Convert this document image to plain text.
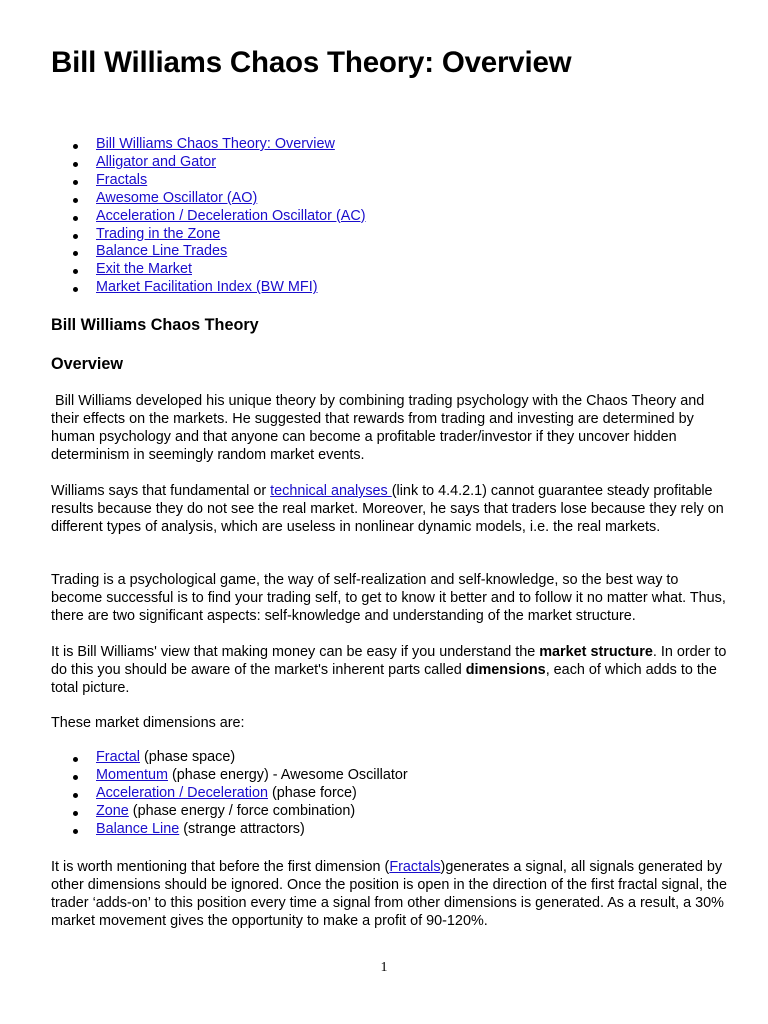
Bill Williams Chaos Theory: Overview
Bill Williams Chaos Theory: Overview
Alligator and Gator
Fractals
Awesome Oscillator (AO)
Acceleration / Deceleration Oscillator (AC)
Trading in the Zone
Balance Line Trades
Exit the Market
Market Facilitation Index (BW MFI)
Bill Williams Chaos Theory
Overview

Bill Williams developed his unique theory by combining trading psychology with the Chaos Theory and their effects on the markets. He suggested that rewards from trading and investing are determined by human psychology and that anyone can become a profitable trader/investor if they uncover hidden determinism in seemingly random market events.

Williams says that fundamental or technical analyses (link to 4.4.2.1) cannot guarantee steady profitable results because they do not see the real market. Moreover, he says that traders lose because they rely on different types of analysis, which are useless in nonlinear dynamic models, i.e. the real markets.

Trading is a psychological game, the way of self-realization and self-knowledge, so the best way to become successful is to find your trading self, to get to know it better and to follow it no matter what. Thus, there are two significant aspects: self-knowledge and understanding of the market structure.

It is Bill Williams' view that making money can be easy if you understand the market structure. In order to do this you should be aware of the market's inherent parts called dimensions, each of which adds to the total picture.

These market dimensions are:

Fractal (phase space)
Momentum (phase energy) - Awesome Oscillator
Acceleration / Deceleration (phase force)
Zone (phase energy / force combination)
Balance Line (strange attractors)

It is worth mentioning that before the first dimension (Fractals)generates a signal, all signals generated by other dimensions should be ignored. Once the position is open in the direction of the first fractal signal, the trader ‘adds-on’ to this position every time a signal from other dimensions is generated. As a result, a 30% market movement gives the opportunity to make a profit of 90-120%.

1
